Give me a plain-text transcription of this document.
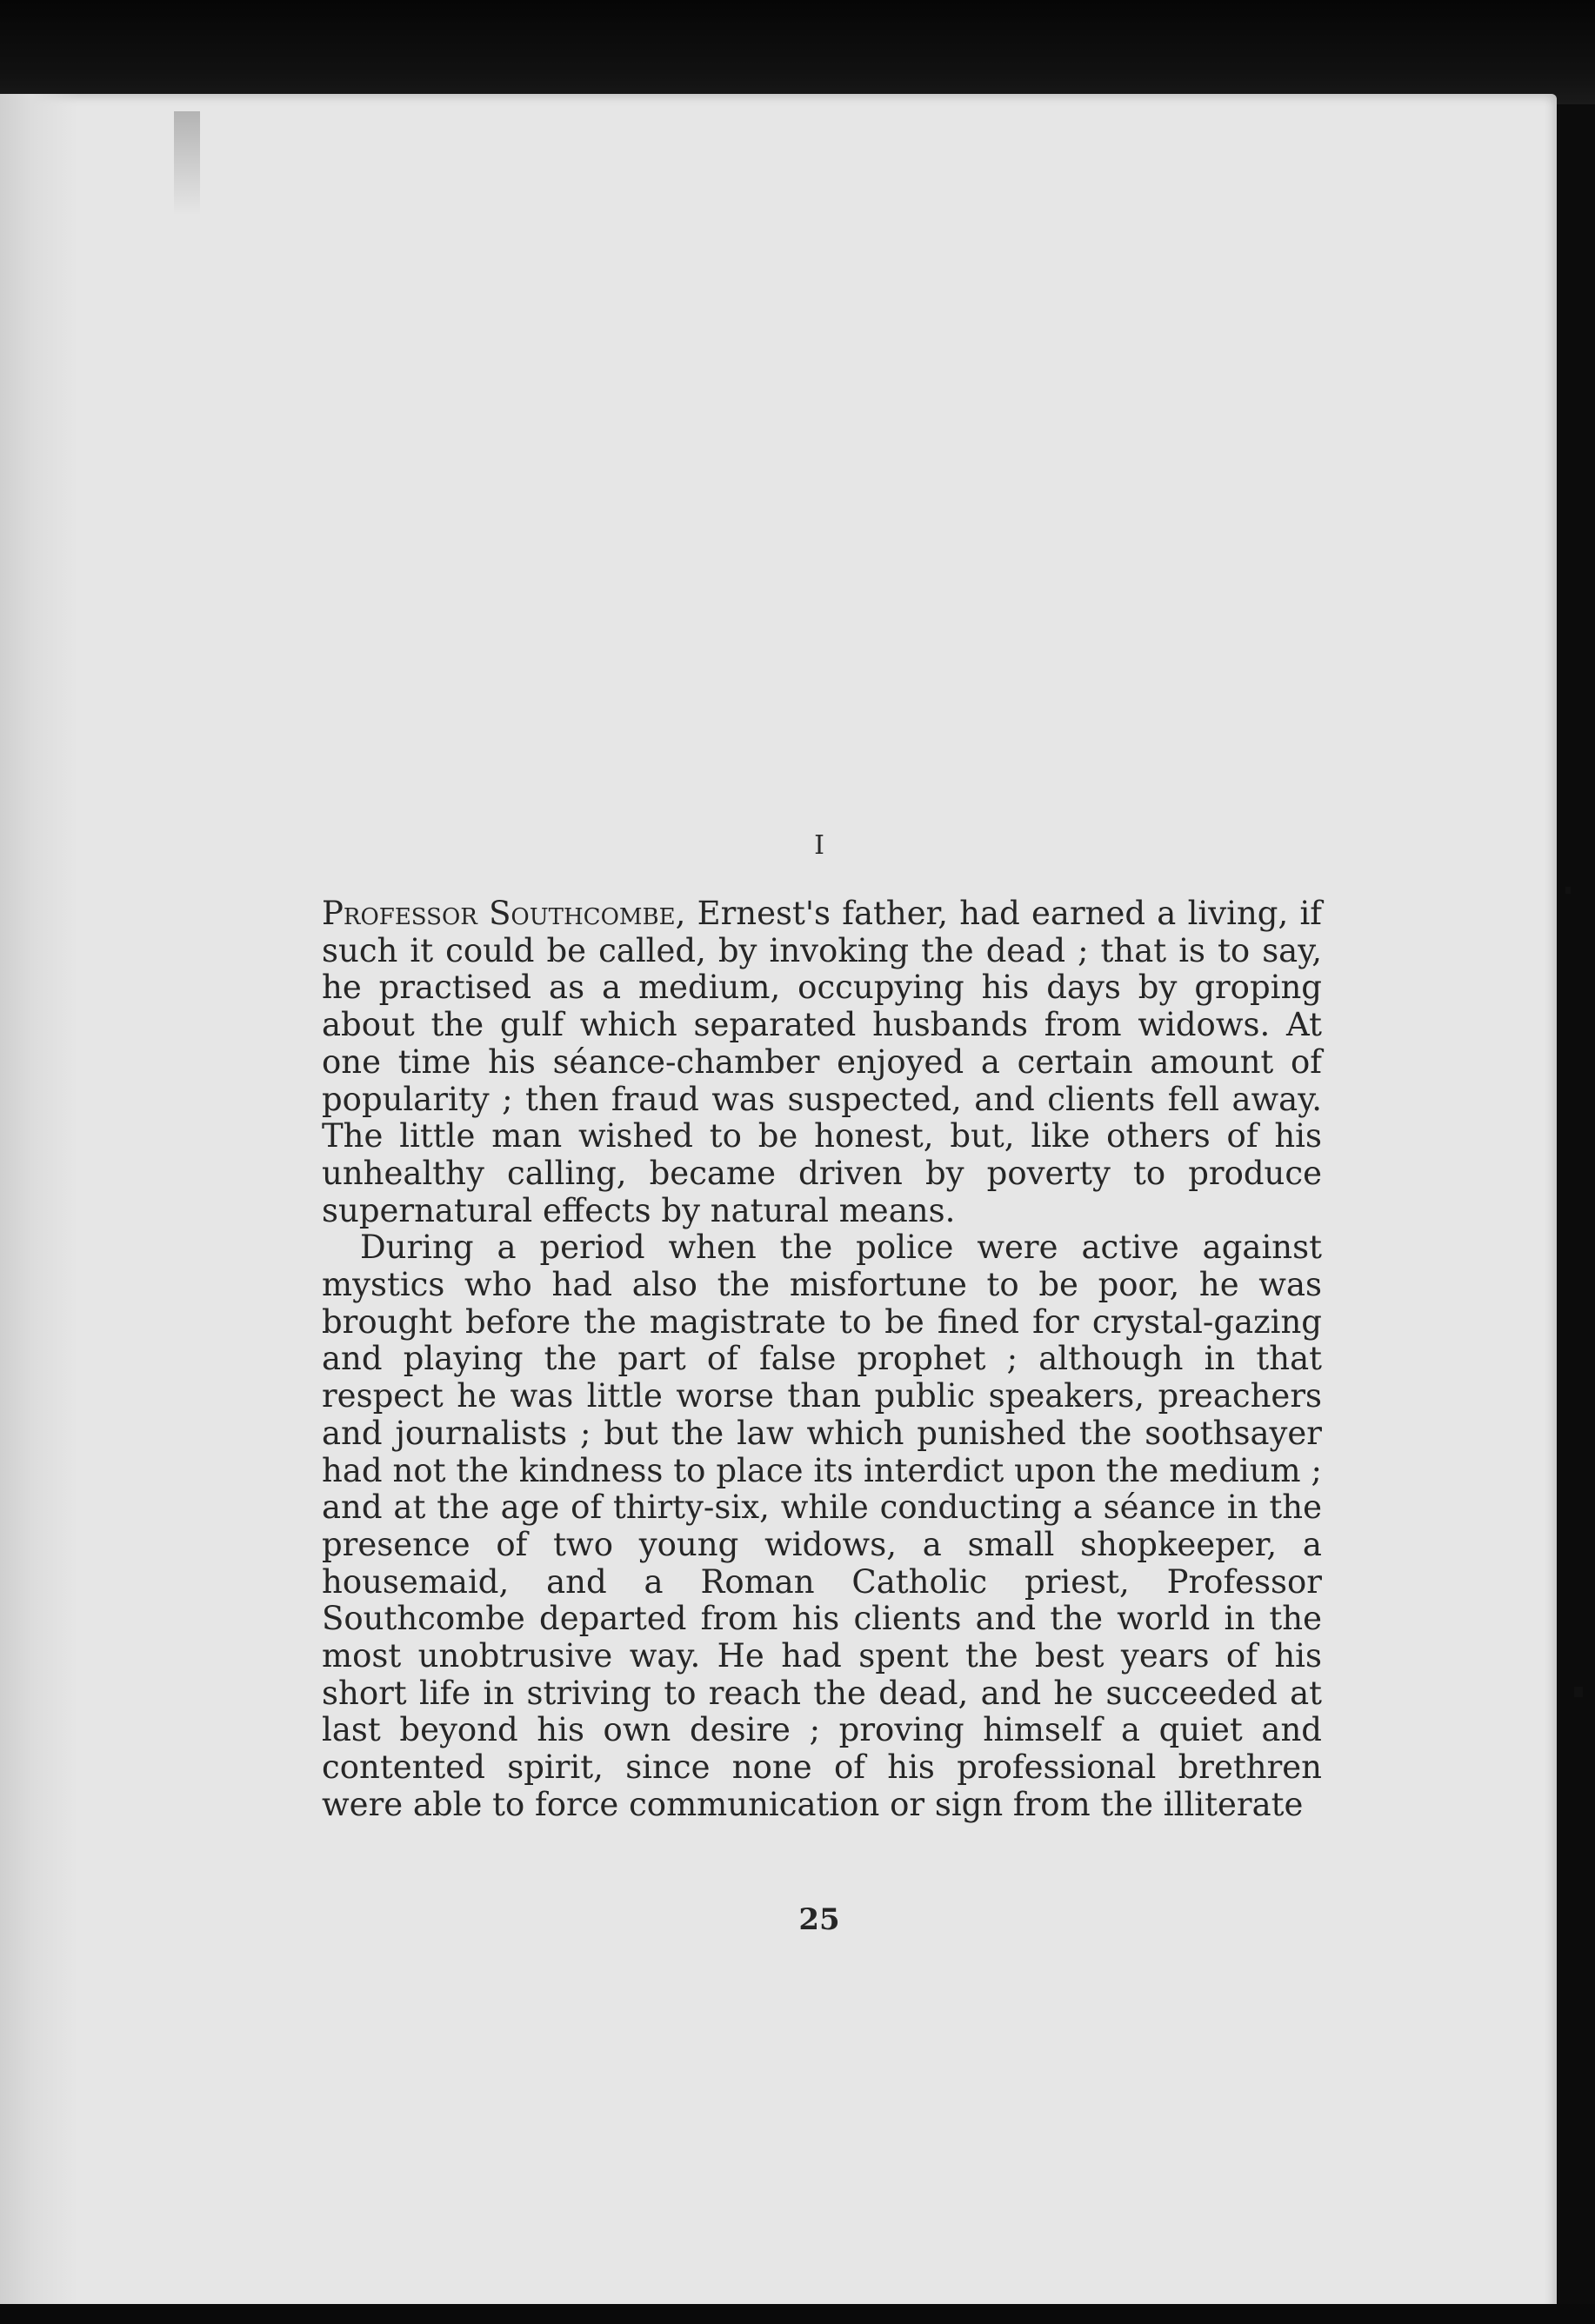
I

Professor Southcombe, Ernest's father, had earned a living, if such it could be called, by invoking the dead ; that is to say, he practised as a medium, occupying his days by groping about the gulf which separated husbands from widows. At one time his séance-chamber enjoyed a certain amount of popularity ; then fraud was suspected, and clients fell away. The little man wished to be honest, but, like others of his unhealthy calling, became driven by poverty to produce supernatural effects by natural means.

During a period when the police were active against mystics who had also the misfortune to be poor, he was brought before the magistrate to be fined for crystal-gazing and playing the part of false prophet ; although in that respect he was little worse than public speakers, preachers and journalists ; but the law which punished the soothsayer had not the kindness to place its interdict upon the medium ; and at the age of thirty-six, while conducting a séance in the presence of two young widows, a small shopkeeper, a housemaid, and a Roman Catholic priest, Professor Southcombe departed from his clients and the world in the most unobtrusive way. He had spent the best years of his short life in striving to reach the dead, and he succeeded at last beyond his own desire ; proving himself a quiet and contented spirit, since none of his professional brethren were able to force communication or sign from the illiterate

25
